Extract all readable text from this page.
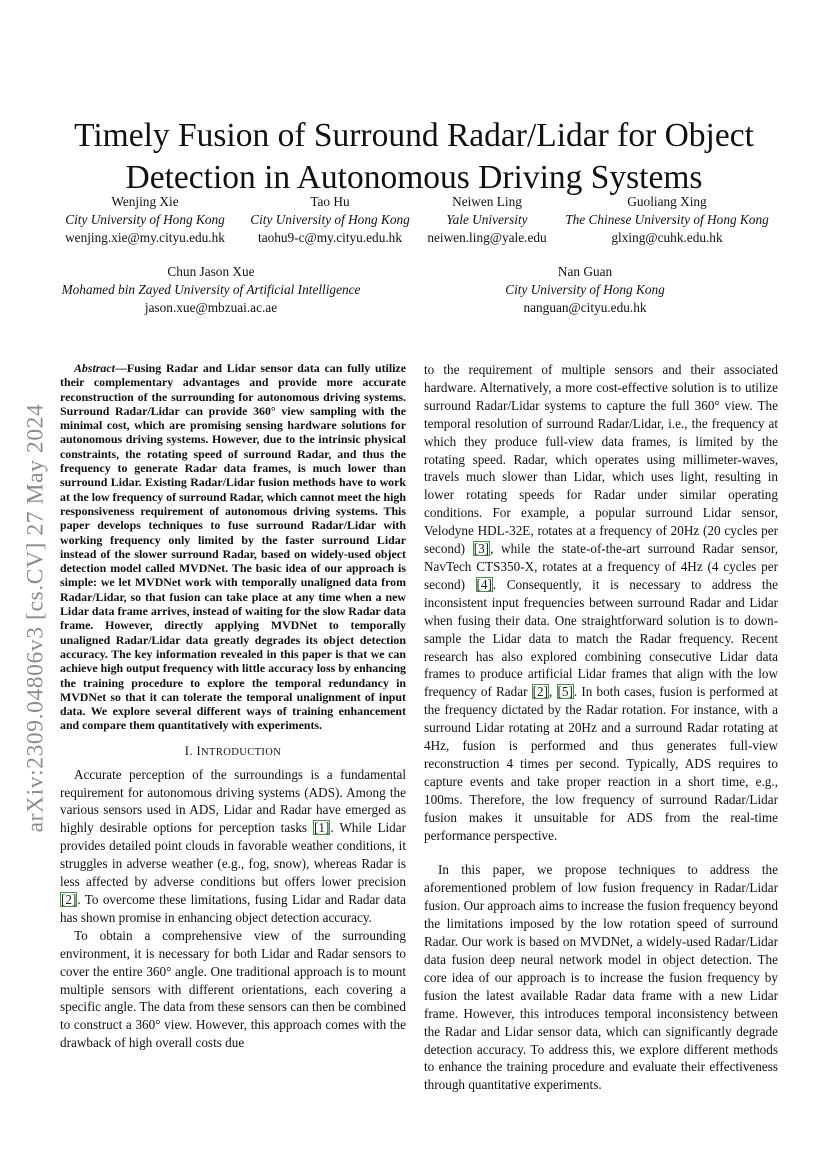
Timely Fusion of Surround Radar/Lidar for Object Detection in Autonomous Driving Systems
Wenjing Xie
City University of Hong Kong
wenjing.xie@my.cityu.edu.hk
Tao Hu
City University of Hong Kong
taohu9-c@my.cityu.edu.hk
Neiwen Ling
Yale University
neiwen.ling@yale.edu
Guoliang Xing
The Chinese University of Hong Kong
glxing@cuhk.edu.hk
Chun Jason Xue
Mohamed bin Zayed University of Artificial Intelligence
jason.xue@mbzuai.ac.ae
Nan Guan
City University of Hong Kong
nanguan@cityu.edu.hk
arXiv:2309.04806v3 [cs.CV] 27 May 2024

Abstract—Fusing Radar and Lidar sensor data can fully utilize their complementary advantages and provide more accurate reconstruction of the surrounding for autonomous driving systems. Surround Radar/Lidar can provide 360° view sampling with the minimal cost, which are promising sensing hardware solutions for autonomous driving systems. However, due to the intrinsic physical constraints, the rotating speed of surround Radar, and thus the frequency to generate Radar data frames, is much lower than surround Lidar. Existing Radar/Lidar fusion methods have to work at the low frequency of surround Radar, which cannot meet the high responsiveness requirement of autonomous driving systems. This paper develops techniques to fuse surround Radar/Lidar with working frequency only limited by the faster surround Lidar instead of the slower surround Radar, based on widely-used object detection model called MVDNet. The basic idea of our approach is simple: we let MVDNet work with temporally unaligned data from Radar/Lidar, so that fusion can take place at any time when a new Lidar data frame arrives, instead of waiting for the slow Radar data frame. However, directly applying MVDNet to temporally unaligned Radar/Lidar data greatly degrades its object detection accuracy. The key information revealed in this paper is that we can achieve high output frequency with little accuracy loss by enhancing the training procedure to explore the temporal redundancy in MVDNet so that it can tolerate the temporal unalignment of input data. We explore several different ways of training enhancement and compare them quantitatively with experiments.

I. INTRODUCTION

Accurate perception of the surroundings is a fundamental requirement for autonomous driving systems (ADS). Among the various sensors used in ADS, Lidar and Radar have emerged as highly desirable options for perception tasks [1]. While Lidar provides detailed point clouds in favorable weather conditions, it struggles in adverse weather (e.g., fog, snow), whereas Radar is less affected by adverse conditions but offers lower precision [2]. To overcome these limitations, fusing Lidar and Radar data has shown promise in enhancing object detection accuracy.

To obtain a comprehensive view of the surrounding environment, it is necessary for both Lidar and Radar sensors to cover the entire 360° angle. One traditional approach is to mount multiple sensors with different orientations, each covering a specific angle. The data from these sensors can then be combined to construct a 360° view. However, this approach comes with the drawback of high overall costs due

to the requirement of multiple sensors and their associated hardware. Alternatively, a more cost-effective solution is to utilize surround Radar/Lidar systems to capture the full 360° view. The temporal resolution of surround Radar/Lidar, i.e., the frequency at which they produce full-view data frames, is limited by the rotating speed. Radar, which operates using millimeter-waves, travels much slower than Lidar, which uses light, resulting in lower rotating speeds for Radar under similar operating conditions. For example, a popular surround Lidar sensor, Velodyne HDL-32E, rotates at a frequency of 20Hz (20 cycles per second) [3], while the state-of-the-art surround Radar sensor, NavTech CTS350-X, rotates at a frequency of 4Hz (4 cycles per second) [4]. Consequently, it is necessary to address the inconsistent input frequencies between surround Radar and Lidar when fusing their data. One straightforward solution is to down-sample the Lidar data to match the Radar frequency. Recent research has also explored combining consecutive Lidar data frames to produce artificial Lidar frames that align with the low frequency of Radar [2], [5]. In both cases, fusion is performed at the frequency dictated by the Radar rotation. For instance, with a surround Lidar rotating at 20Hz and a surround Radar rotating at 4Hz, fusion is performed and thus generates full-view reconstruction 4 times per second. Typically, ADS requires to capture events and take proper reaction in a short time, e.g., 100ms. Therefore, the low frequency of surround Radar/Lidar fusion makes it unsuitable for ADS from the real-time performance perspective.

In this paper, we propose techniques to address the aforementioned problem of low fusion frequency in Radar/Lidar fusion. Our approach aims to increase the fusion frequency beyond the limitations imposed by the low rotation speed of surround Radar. Our work is based on MVDNet, a widely-used Radar/Lidar data fusion deep neural network model in object detection. The core idea of our approach is to increase the fusion frequency by fusion the latest available Radar data frame with a new Lidar frame. However, this introduces temporal inconsistency between the Radar and Lidar sensor data, which can significantly degrade detection accuracy. To address this, we explore different methods to enhance the training procedure and evaluate their effectiveness through quantitative experiments.
